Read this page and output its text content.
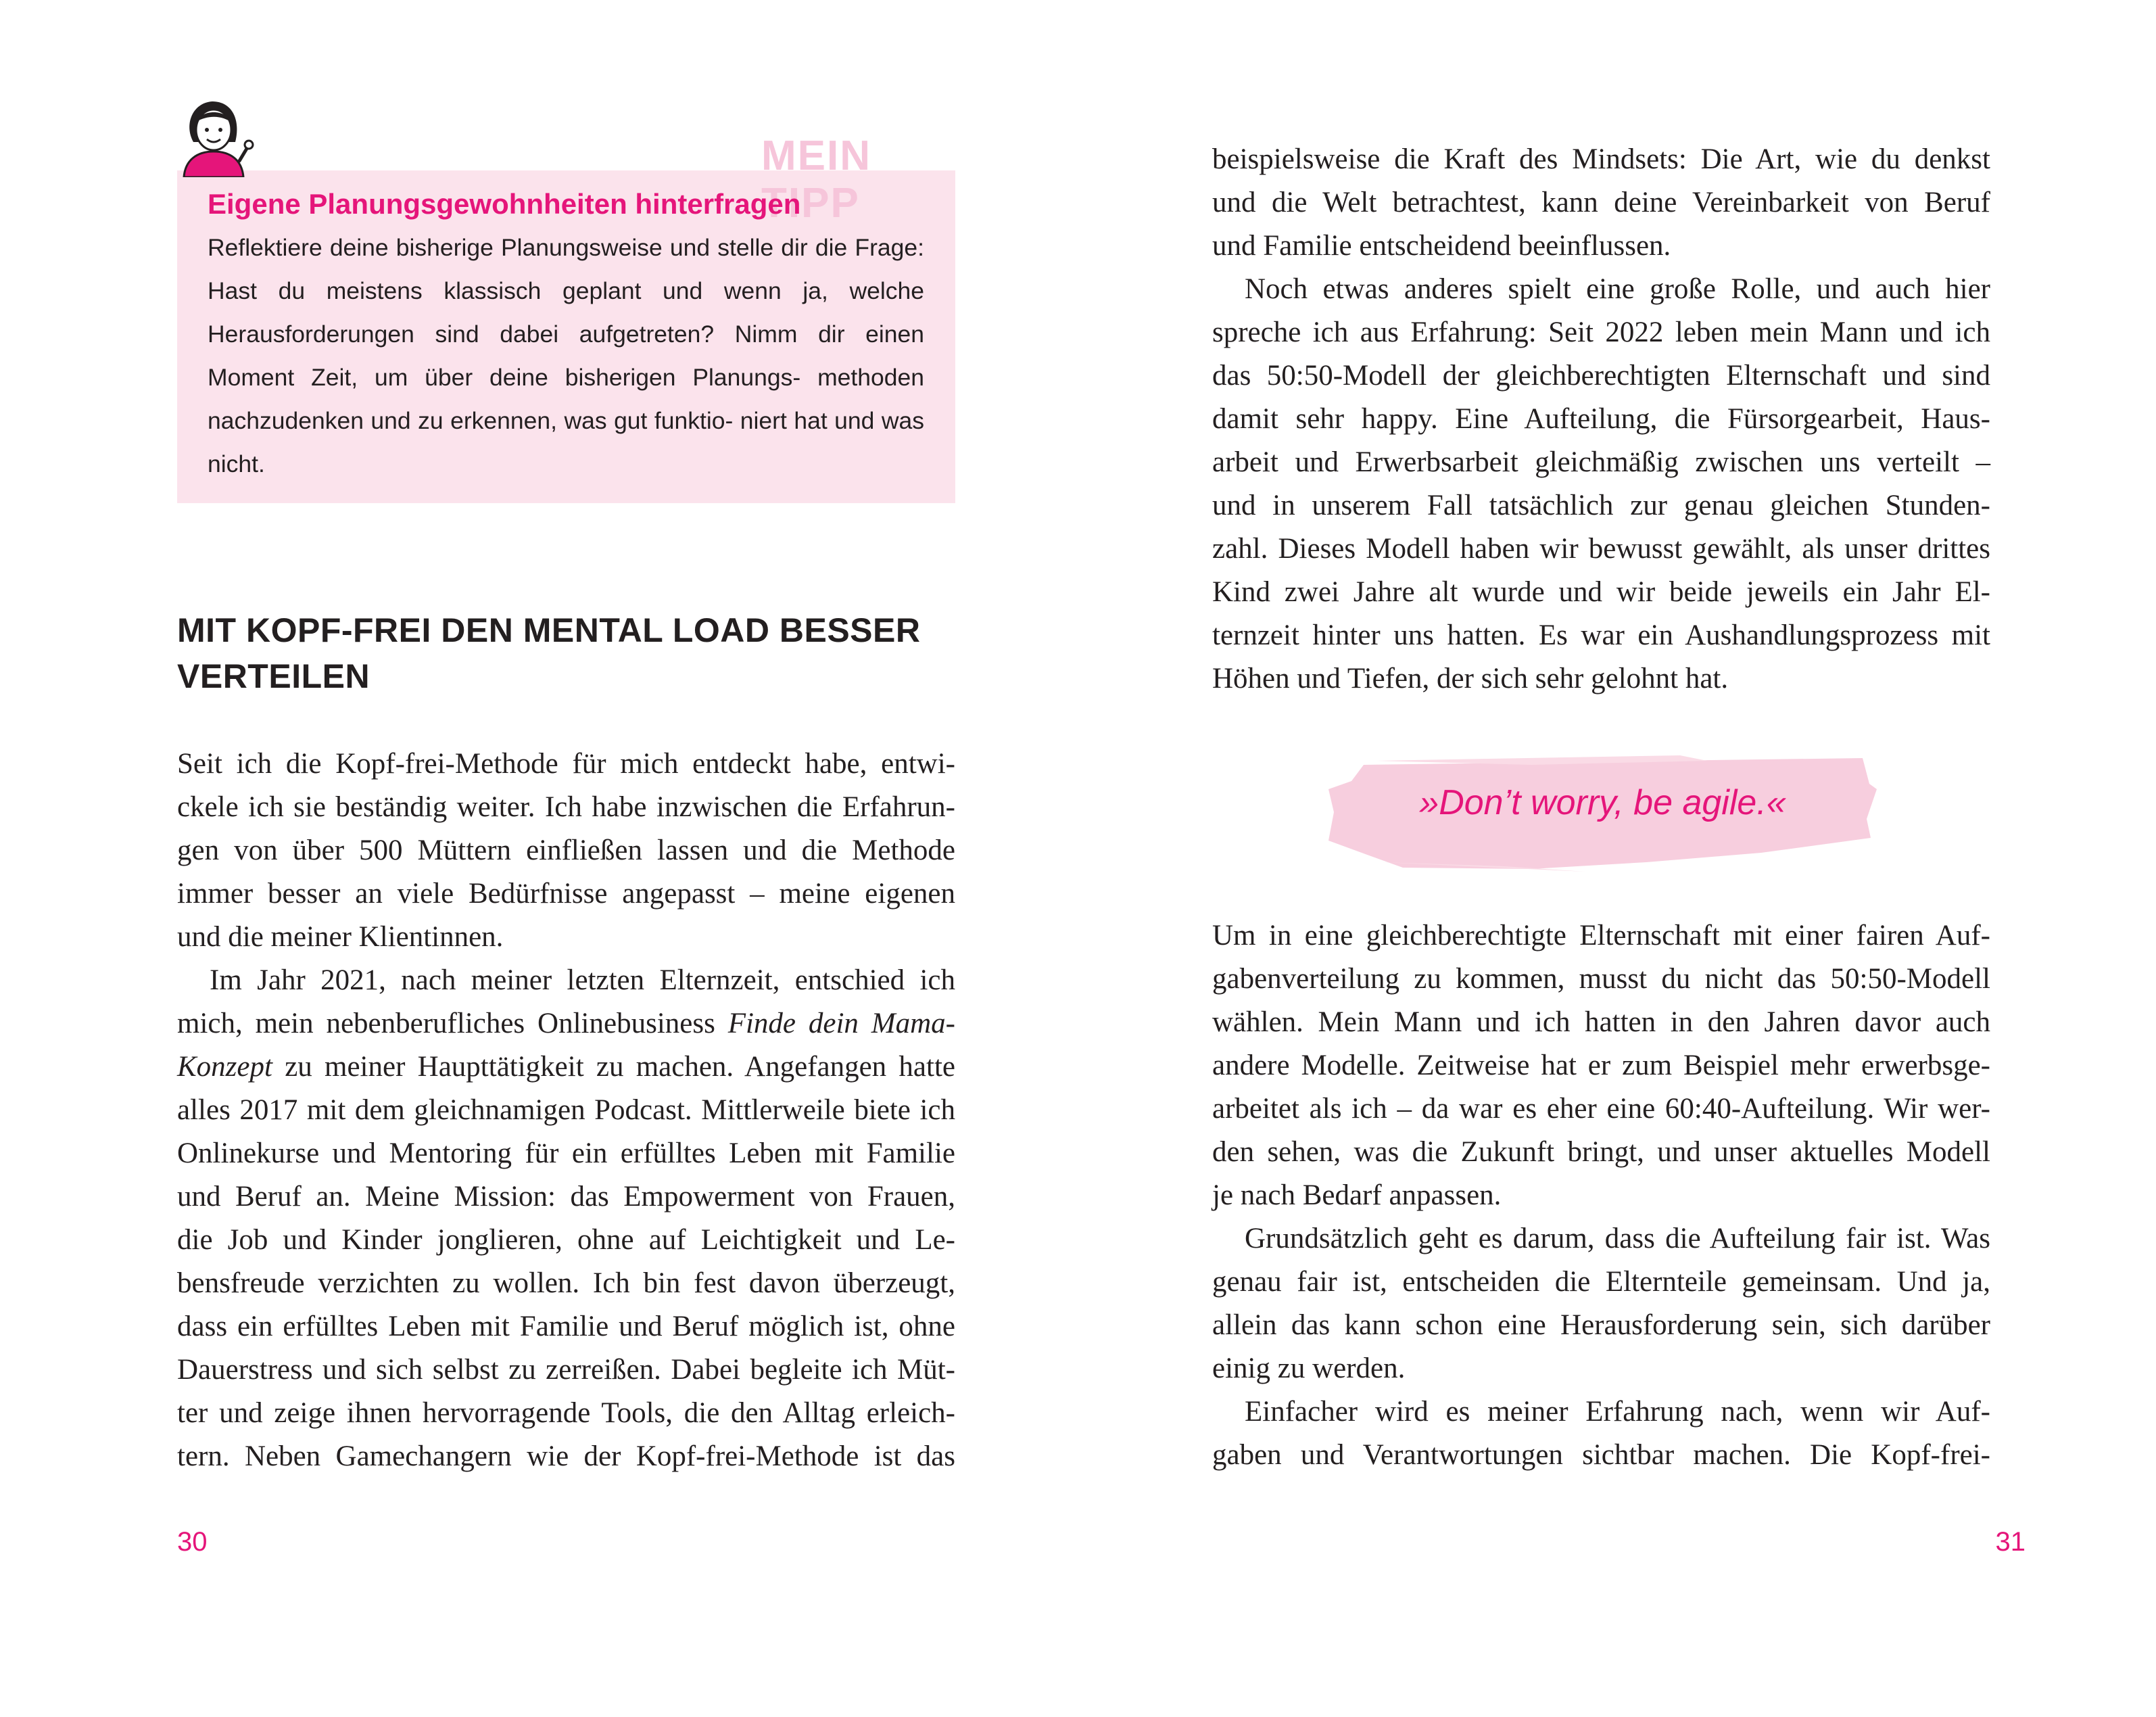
MEIN TIPP
Eigene Planungsgewohnheiten hinterfragen
Reflektiere deine bisherige Planungsweise und stelle dir die Frage: Hast du meistens klassisch geplant und wenn ja, welche Herausforderungen sind dabei aufgetreten? Nimm dir einen Moment Zeit, um über deine bisherigen Planungs- methoden nachzudenken und zu erkennen, was gut funktio- niert hat und was nicht.
MIT KOPF-FREI DEN MENTAL LOAD BESSER
VERTEILEN

Seit ich die Kopf-frei-Methode für mich entdeckt habe, entwi-
ckele ich sie beständig weiter. Ich habe inzwischen die Erfahrun-
gen von über 500 Müttern einfließen lassen und die Methode
immer besser an viele Bedürfnisse angepasst – meine eigenen
und die meiner Klientinnen.

Im Jahr 2021, nach meiner letzten Elternzeit, entschied ich
mich, mein nebenberufliches Onlinebusiness Finde dein Mama-
Konzept zu meiner Haupttätigkeit zu machen. Angefangen hatte
alles 2017 mit dem gleichnamigen Podcast. Mittlerweile biete ich
Onlinekurse und Mentoring für ein erfülltes Leben mit Familie
und Beruf an. Meine Mission: das Empowerment von Frauen,
die Job und Kinder jonglieren, ohne auf Leichtigkeit und Le-
bensfreude verzichten zu wollen. Ich bin fest davon überzeugt,
dass ein erfülltes Leben mit Familie und Beruf möglich ist, ohne
Dauerstress und sich selbst zu zerreißen. Dabei begleite ich Müt-
ter und zeige ihnen hervorragende Tools, die den Alltag erleich-
tern. Neben Gamechangern wie der Kopf-frei-Methode ist das

30

beispielsweise die Kraft des Mindsets: Die Art, wie du denkst
und die Welt betrachtest, kann deine Vereinbarkeit von Beruf
und Familie entscheidend beeinflussen.

Noch etwas anderes spielt eine große Rolle, und auch hier
spreche ich aus Erfahrung: Seit 2022 leben mein Mann und ich
das 50:50-Modell der gleichberechtigten Elternschaft und sind
damit sehr happy. Eine Aufteilung, die Fürsorgearbeit, Haus-
arbeit und Erwerbsarbeit gleichmäßig zwischen uns verteilt –
und in unserem Fall tatsächlich zur genau gleichen Stunden-
zahl. Dieses Modell haben wir bewusst gewählt, als unser drittes
Kind zwei Jahre alt wurde und wir beide jeweils ein Jahr El-
ternzeit hinter uns hatten. Es war ein Aushandlungsprozess mit
Höhen und Tiefen, der sich sehr gelohnt hat.

»Don’t worry, be agile.«

Um in eine gleichberechtigte Elternschaft mit einer fairen Auf-
gabenverteilung zu kommen, musst du nicht das 50:50-Modell
wählen. Mein Mann und ich hatten in den Jahren davor auch
andere Modelle. Zeitweise hat er zum Beispiel mehr erwerbsge-
arbeitet als ich – da war es eher eine 60:40-Aufteilung. Wir wer-
den sehen, was die Zukunft bringt, und unser aktuelles Modell
je nach Bedarf anpassen.

Grundsätzlich geht es darum, dass die Aufteilung fair ist. Was
genau fair ist, entscheiden die Elternteile gemeinsam. Und ja,
allein das kann schon eine Herausforderung sein, sich darüber
einig zu werden.

Einfacher wird es meiner Erfahrung nach, wenn wir Auf-
gaben und Verantwortungen sichtbar machen. Die Kopf-frei-

31
